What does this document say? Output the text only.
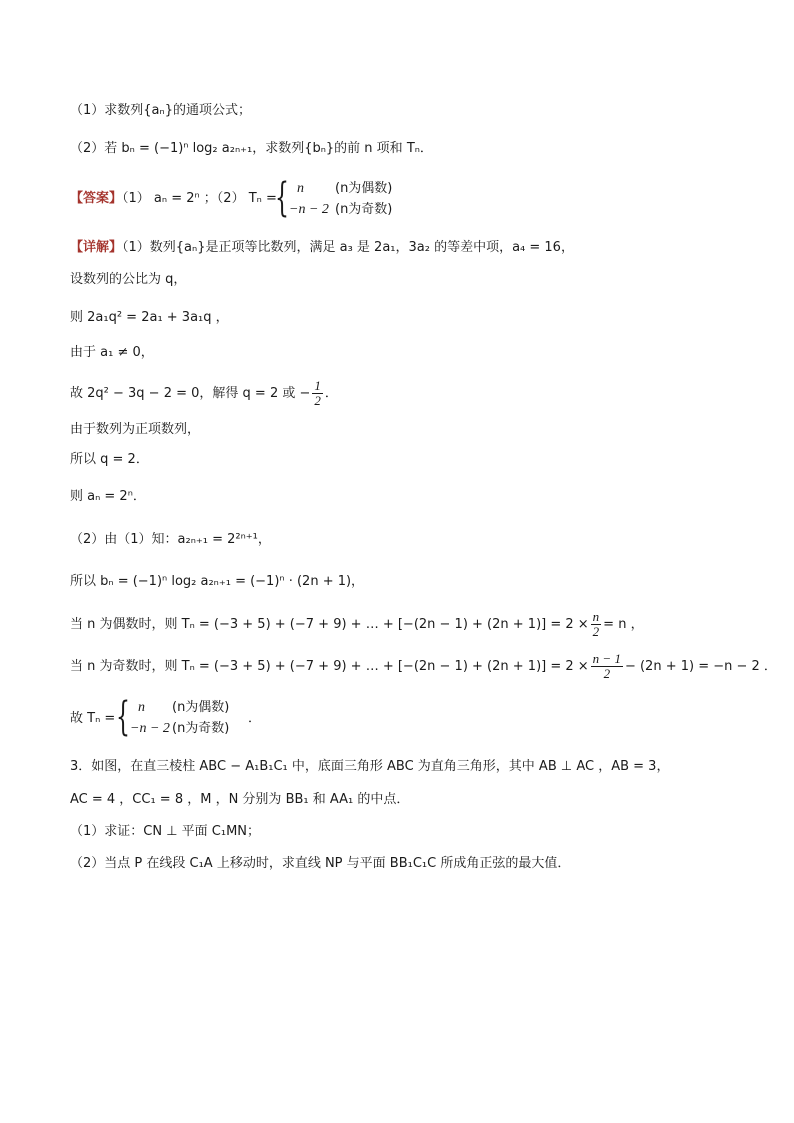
（1）求数列{aₙ}的通项公式；
（2）若 bₙ = (−1)ⁿ log₂ a₂ₙ₊₁，求数列{bₙ}的前 n 项和 Tₙ．
【答案】（1） aₙ = 2ⁿ ；（2） Tₙ =
{ n (n为偶数)
−n − 2 (n为奇数)
【详解】（1）数列{aₙ}是正项等比数列，满足 a₃ 是 2a₁，3a₂ 的等差中项，a₄ = 16，
设数列的公比为 q，
则 2a₁q² = 2a₁ + 3a₁q ，
由于 a₁ ≠ 0，
故 2q² − 3q − 2 = 0，解得 q = 2 或 − $\frac{1}{2}$ ．
由于数列为正项数列，
所以 q = 2．
则 aₙ = 2ⁿ．
（2）由（1）知：a₂ₙ₊₁ = 2²ⁿ⁺¹，
所以 bₙ = (−1)ⁿ log₂ a₂ₙ₊₁ = (−1)ⁿ · (2n + 1)，
当 n 为偶数时，则 Tₙ = (−3 + 5) + (−7 + 9) + … + $[-(2n - 1) + (2n + 1)] = 2 \times \frac{n}{2} = n$ ，
当 n 为奇数时，则 Tₙ = (−3 + 5) + (−7 + 9) + … + $[-(2n - 1) + (2n + 1)] = 2 \times \frac{n - 1}{2} - (2n + 1) = -n - 2$ ．
故 Tₙ = { n (n为偶数)
−n − 2 (n为奇数)
．
3．如图，在直三棱柱 ABC − A₁B₁C₁ 中，底面三角形 ABC 为直角三角形，其中 AB ⊥ AC ，AB = 3，
AC = 4 ，CC₁ = 8 ，M ，N 分别为 BB₁ 和 AA₁ 的中点．
（1）求证：CN ⊥ 平面 C₁MN；
（2）当点 P 在线段 C₁A 上移动时，求直线 NP 与平面 BB₁C₁C 所成角正弦的最大值．
